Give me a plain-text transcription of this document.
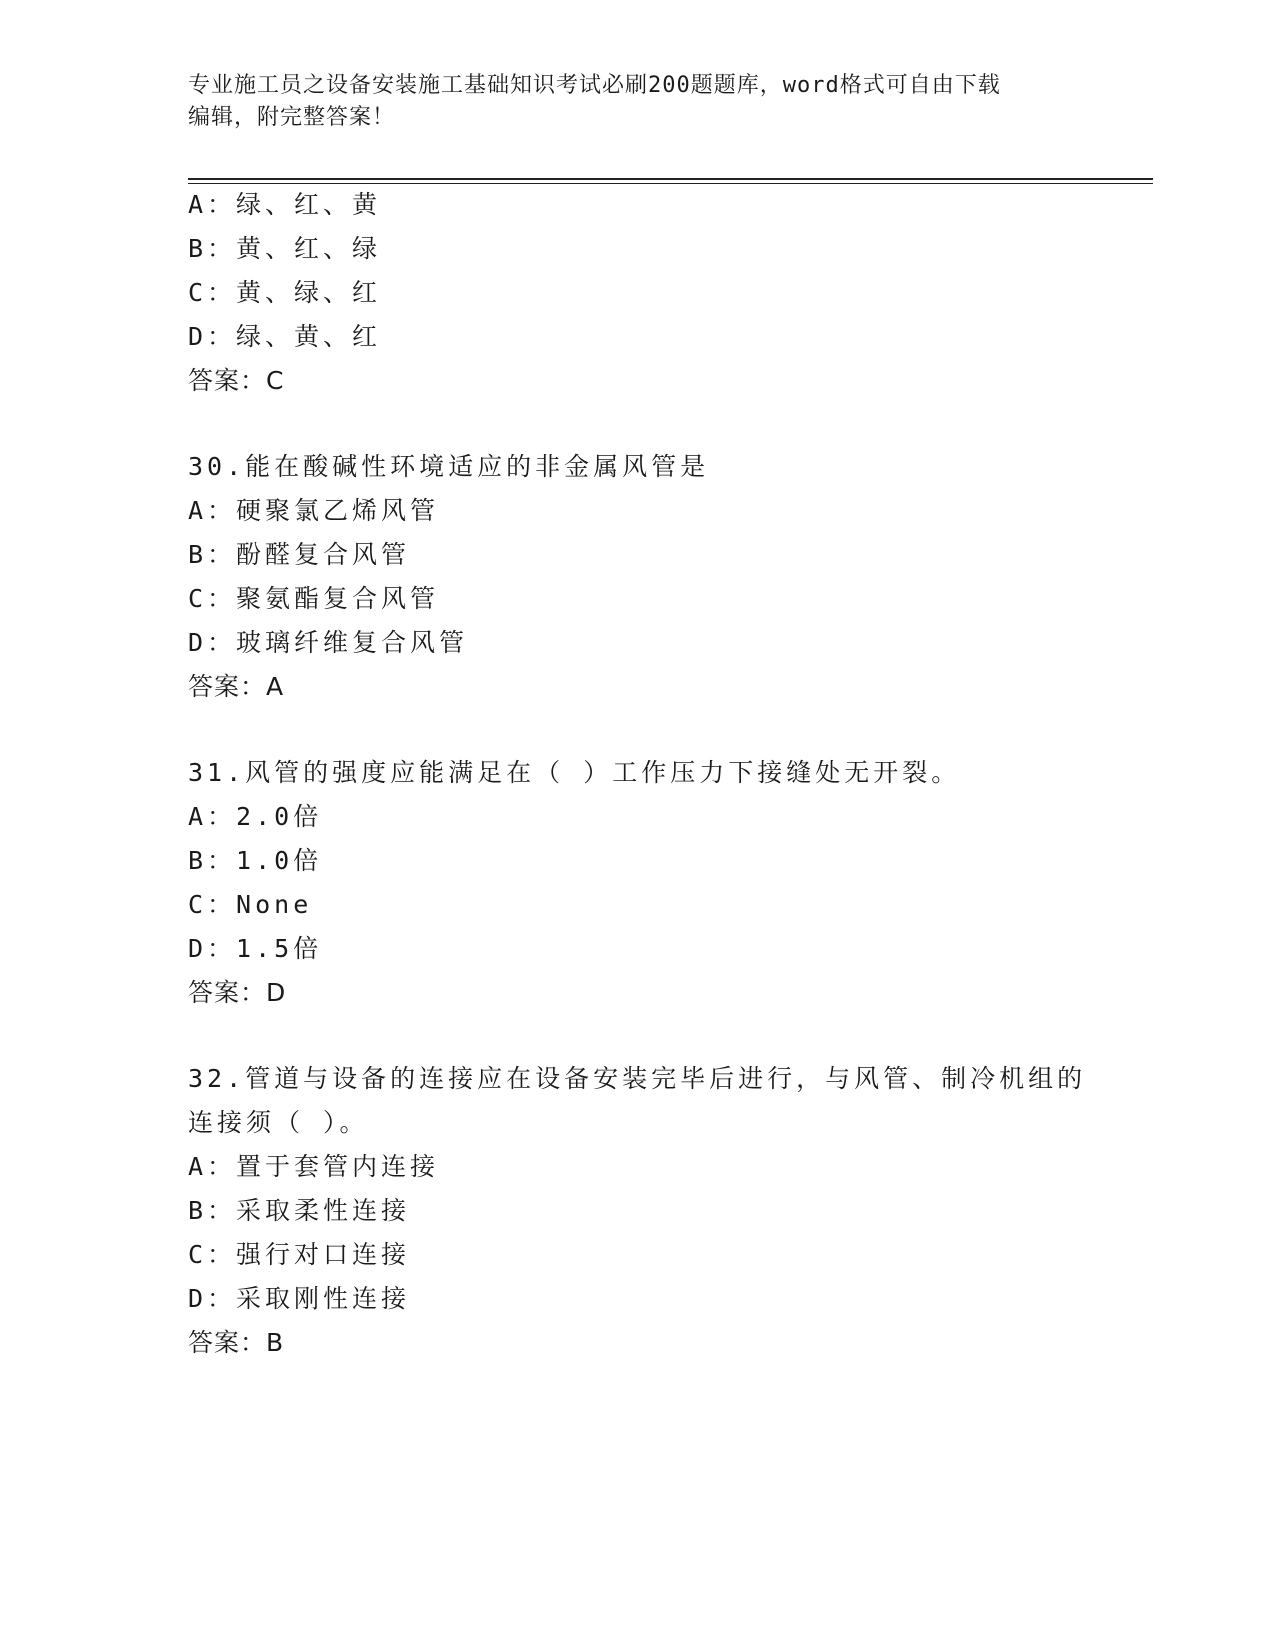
专业施工员之设备安装施工基础知识考试必刷200题题库，word格式可自由下载
编辑，附完整答案！
A：绿、红、黄
B：黄、红、绿
C：黄、绿、红
D：绿、黄、红
答案：C
30.能在酸碱性环境适应的非金属风管是
A：硬聚氯乙烯风管
B：酚醛复合风管
C：聚氨酯复合风管
D：玻璃纤维复合风管
答案：A
31.风管的强度应能满足在（ ）工作压力下接缝处无开裂。
A：2.0倍
B：1.0倍
C：None
D：1.5倍
答案：D
32.管道与设备的连接应在设备安装完毕后进行，与风管、制冷机组的
连接须（ ）。
A：置于套管内连接
B：采取柔性连接
C：强行对口连接
D：采取刚性连接
答案：B
